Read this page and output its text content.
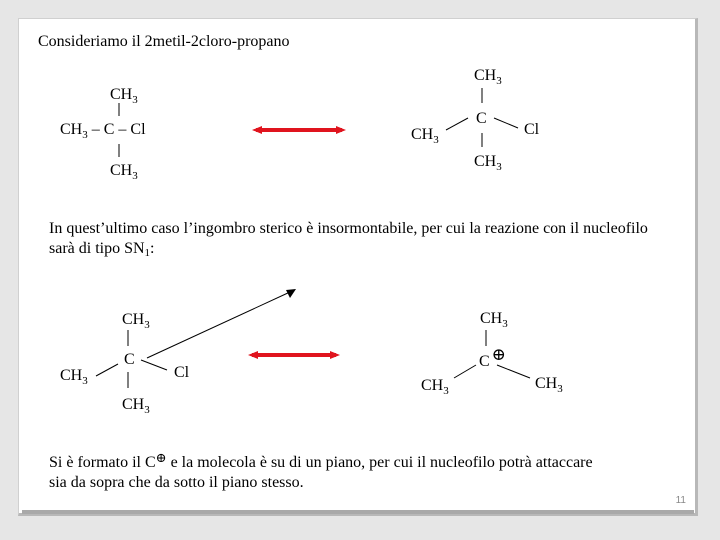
Consideriamo il 2metil-2cloro-propano
$CH_3$
$CH_3$ – C – Cl
$CH_3$
$CH_3$
C
Cl
$CH_3$
$CH_3$
In quest’ultimo caso l’ingombro sterico è insormontabile, per cui la reazione con il nucleofilo sarà di tipo $SN_1$:
$CH_3$
C
Cl
$CH_3$
$CH_3$
$CH_3$
C ⊕
$CH_3$	$CH_3$
Si è formato il C⊕ e la molecola è su di un piano, per cui il nucleofilo potrà attaccare sia da sopra che da sotto il piano stesso.
11
